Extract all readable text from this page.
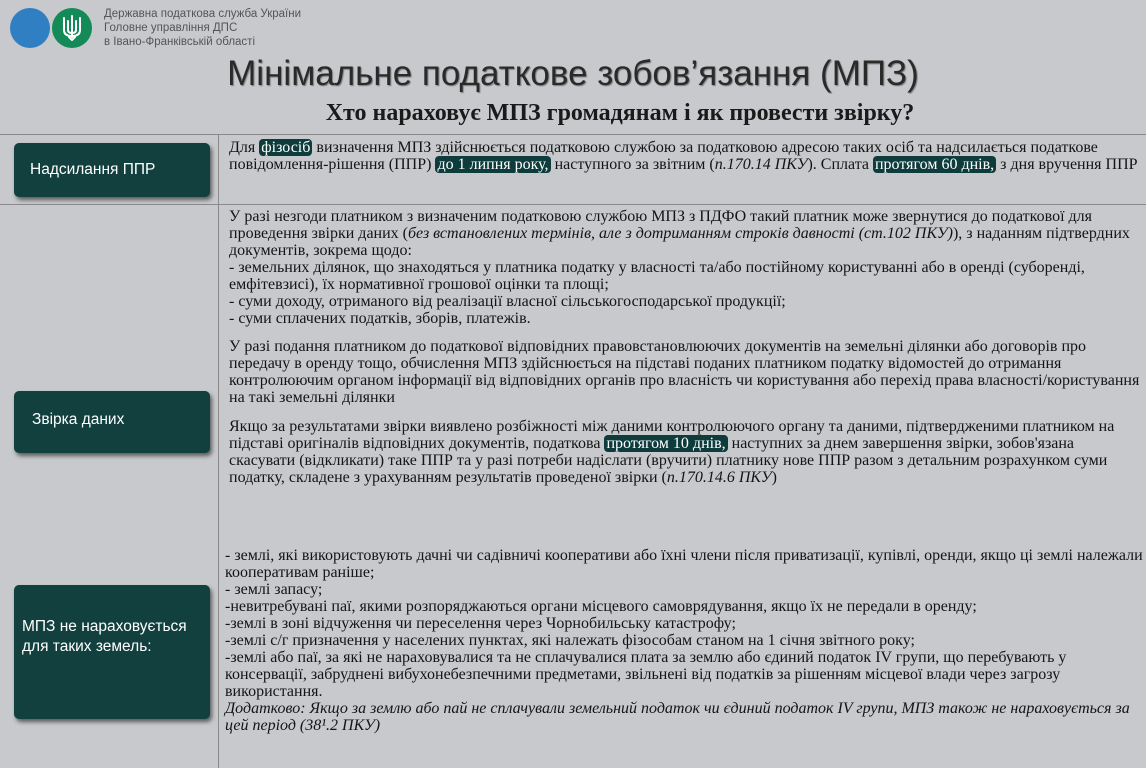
Державна податкова служба України
Головне управління ДПС
в Івано-Франківській області
Мінімальне податкове зобов’язання (МПЗ)
Хто нараховує МПЗ громадянам і як провести звірку?
Надсилання ППР

Для фізосіб визначення МПЗ здійснюється податковою службою за податковою адресою таких осіб та надсилається податкове повідомлення-рішення (ППР) до 1 липня року, наступного за звітним (п.170.14 ПКУ). Сплата протягом 60 днів, з дня вручення ППР

Звірка даних

У разі незгоди платником з визначеним податковою службою МПЗ з ПДФО такий платник може звернутися до податкової для проведення звірки даних (без встановлених термінів, але з дотриманням строків давності (ст.102 ПКУ)), з наданням підтвердних документів, зокрема щодо:

- земельних ділянок, що знаходяться у платника податку у власності та/або постійному користуванні або в оренді (суборенді, емфітевзисі), їх нормативної грошової оцінки та площі;

- суми доходу, отриманого від реалізації власної сільськогосподарської продукції;

- суми сплачених податків, зборів, платежів.

У разі подання платником до податкової відповідних правовстановлюючих документів на земельні ділянки або договорів про передачу в оренду тощо, обчислення МПЗ здійснюється на підставі поданих платником податку відомостей до отримання контролюючим органом інформації від відповідних органів про власність чи користування або перехід права власності/користування на такі земельні ділянки

Якщо за результатами звірки виявлено розбіжності між даними контролюючого органу та даними, підтвердженими платником на підставі оригіналів відповідних документів, податкова протягом 10 днів, наступних за днем завершення звірки, зобов'язана скасувати (відкликати) таке ППР та у разі потреби надіслати (вручити) платнику нове ППР разом з детальним розрахунком суми податку, складене з урахуванням результатів проведеної звірки (п.170.14.6 ПКУ)

МПЗ не нараховується для таких земель:

- землі, які використовують дачні чи садівничі кооперативи або їхні члени після приватизації, купівлі, оренди, якщо ці землі належали кооперативам раніше;

- землі запасу;

-невитребувані паї, якими розпоряджаються органи місцевого самоврядування, якщо їх не передали в оренду;

-землі в зоні відчуження чи переселення через Чорнобильську катастрофу;

-землі с/г призначення у населених пунктах, які належать фізособам станом на 1 січня звітного року;

-землі або паї, за які не нараховувалися та не сплачувалися плата за землю або єдиний податок IV групи, що перебувають у консервації, забруднені вибухонебезпечними предметами, звільнені від податків за рішенням місцевої влади через загрозу використання.

Додатково: Якщо за землю або пай не сплачували земельний податок чи єдиний податок IV групи, МПЗ також не нараховується за цей період (38¹.2 ПКУ)
